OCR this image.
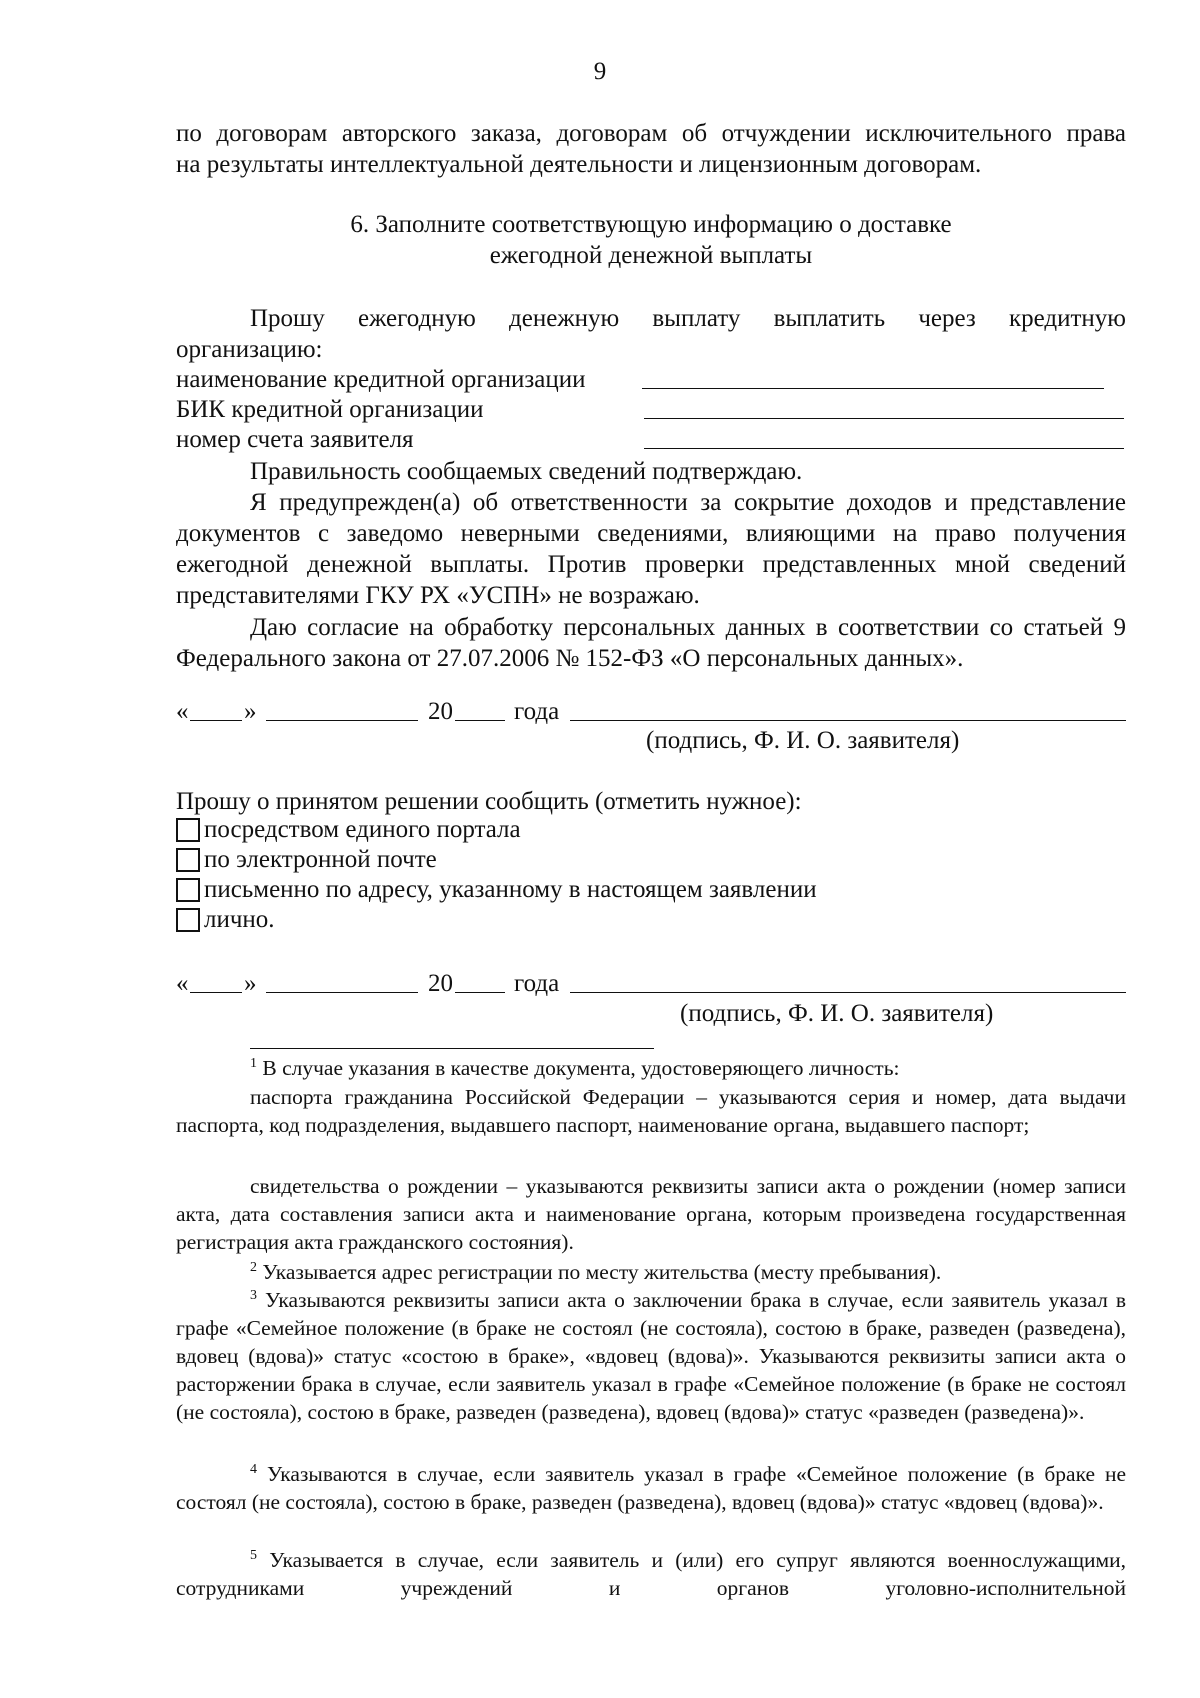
9
по договорам авторского заказа, договорам об отчуждении исключительного права
на результаты интеллектуальной деятельности и лицензионным договорам.
6. Заполните соответствующую информацию о доставке
ежегодной денежной выплаты
Прошу ежегодную денежную выплату выплатить через кредитную
организацию:
наименование кредитной организации
БИК кредитной организации
номер счета заявителя
Правильность сообщаемых сведений подтверждаю.
Я предупрежден(а) об ответственности за сокрытие доходов и представление документов с заведомо неверными сведениями, влияющими на право получения ежегодной денежной выплаты. Против проверки представленных мной сведений представителями ГКУ РХ «УСПН» не возражаю.
Даю согласие на обработку персональных данных в соответствии со статьей 9 Федерального закона от 27.07.2006 № 152-ФЗ «О персональных данных».
« »	20 года
(подпись, Ф. И. О. заявителя)
Прошу о принятом решении сообщить (отметить нужное):
посредством единого портала
по электронной почте
письменно по адресу, указанному в настоящем заявлении
лично.
« »	20 года
(подпись, Ф. И. О. заявителя)
$^1$ В случае указания в качестве документа, удостоверяющего личность:
паспорта гражданина Российской Федерации – указываются серия и номер, дата выдачи паспорта, код подразделения, выдавшего паспорт, наименование органа, выдавшего паспорт;
свидетельства о рождении – указываются реквизиты записи акта о рождении (номер записи акта, дата составления записи акта и наименование органа, которым произведена государственная регистрация акта гражданского состояния).
$^2$ Указывается адрес регистрации по месту жительства (месту пребывания).
$^3$ Указываются реквизиты записи акта о заключении брака в случае, если заявитель указал в графе «Семейное положение (в браке не состоял (не состояла), состою в браке, разведен (разведена), вдовец (вдова)» статус «состою в браке», «вдовец (вдова)». Указываются реквизиты записи акта о расторжении брака в случае, если заявитель указал в графе «Семейное положение (в браке не состоял (не состояла), состою в браке, разведен (разведена), вдовец (вдова)» статус «разведен (разведена)».
$^4$ Указываются в случае, если заявитель указал в графе «Семейное положение (в браке не состоял (не состояла), состою в браке, разведен (разведена), вдовец (вдова)» статус «вдовец (вдова)».
$^5$ Указывается в случае, если заявитель и (или) его супруг являются военнослужащими, сотрудниками учреждений и органов уголовно-исполнительной
